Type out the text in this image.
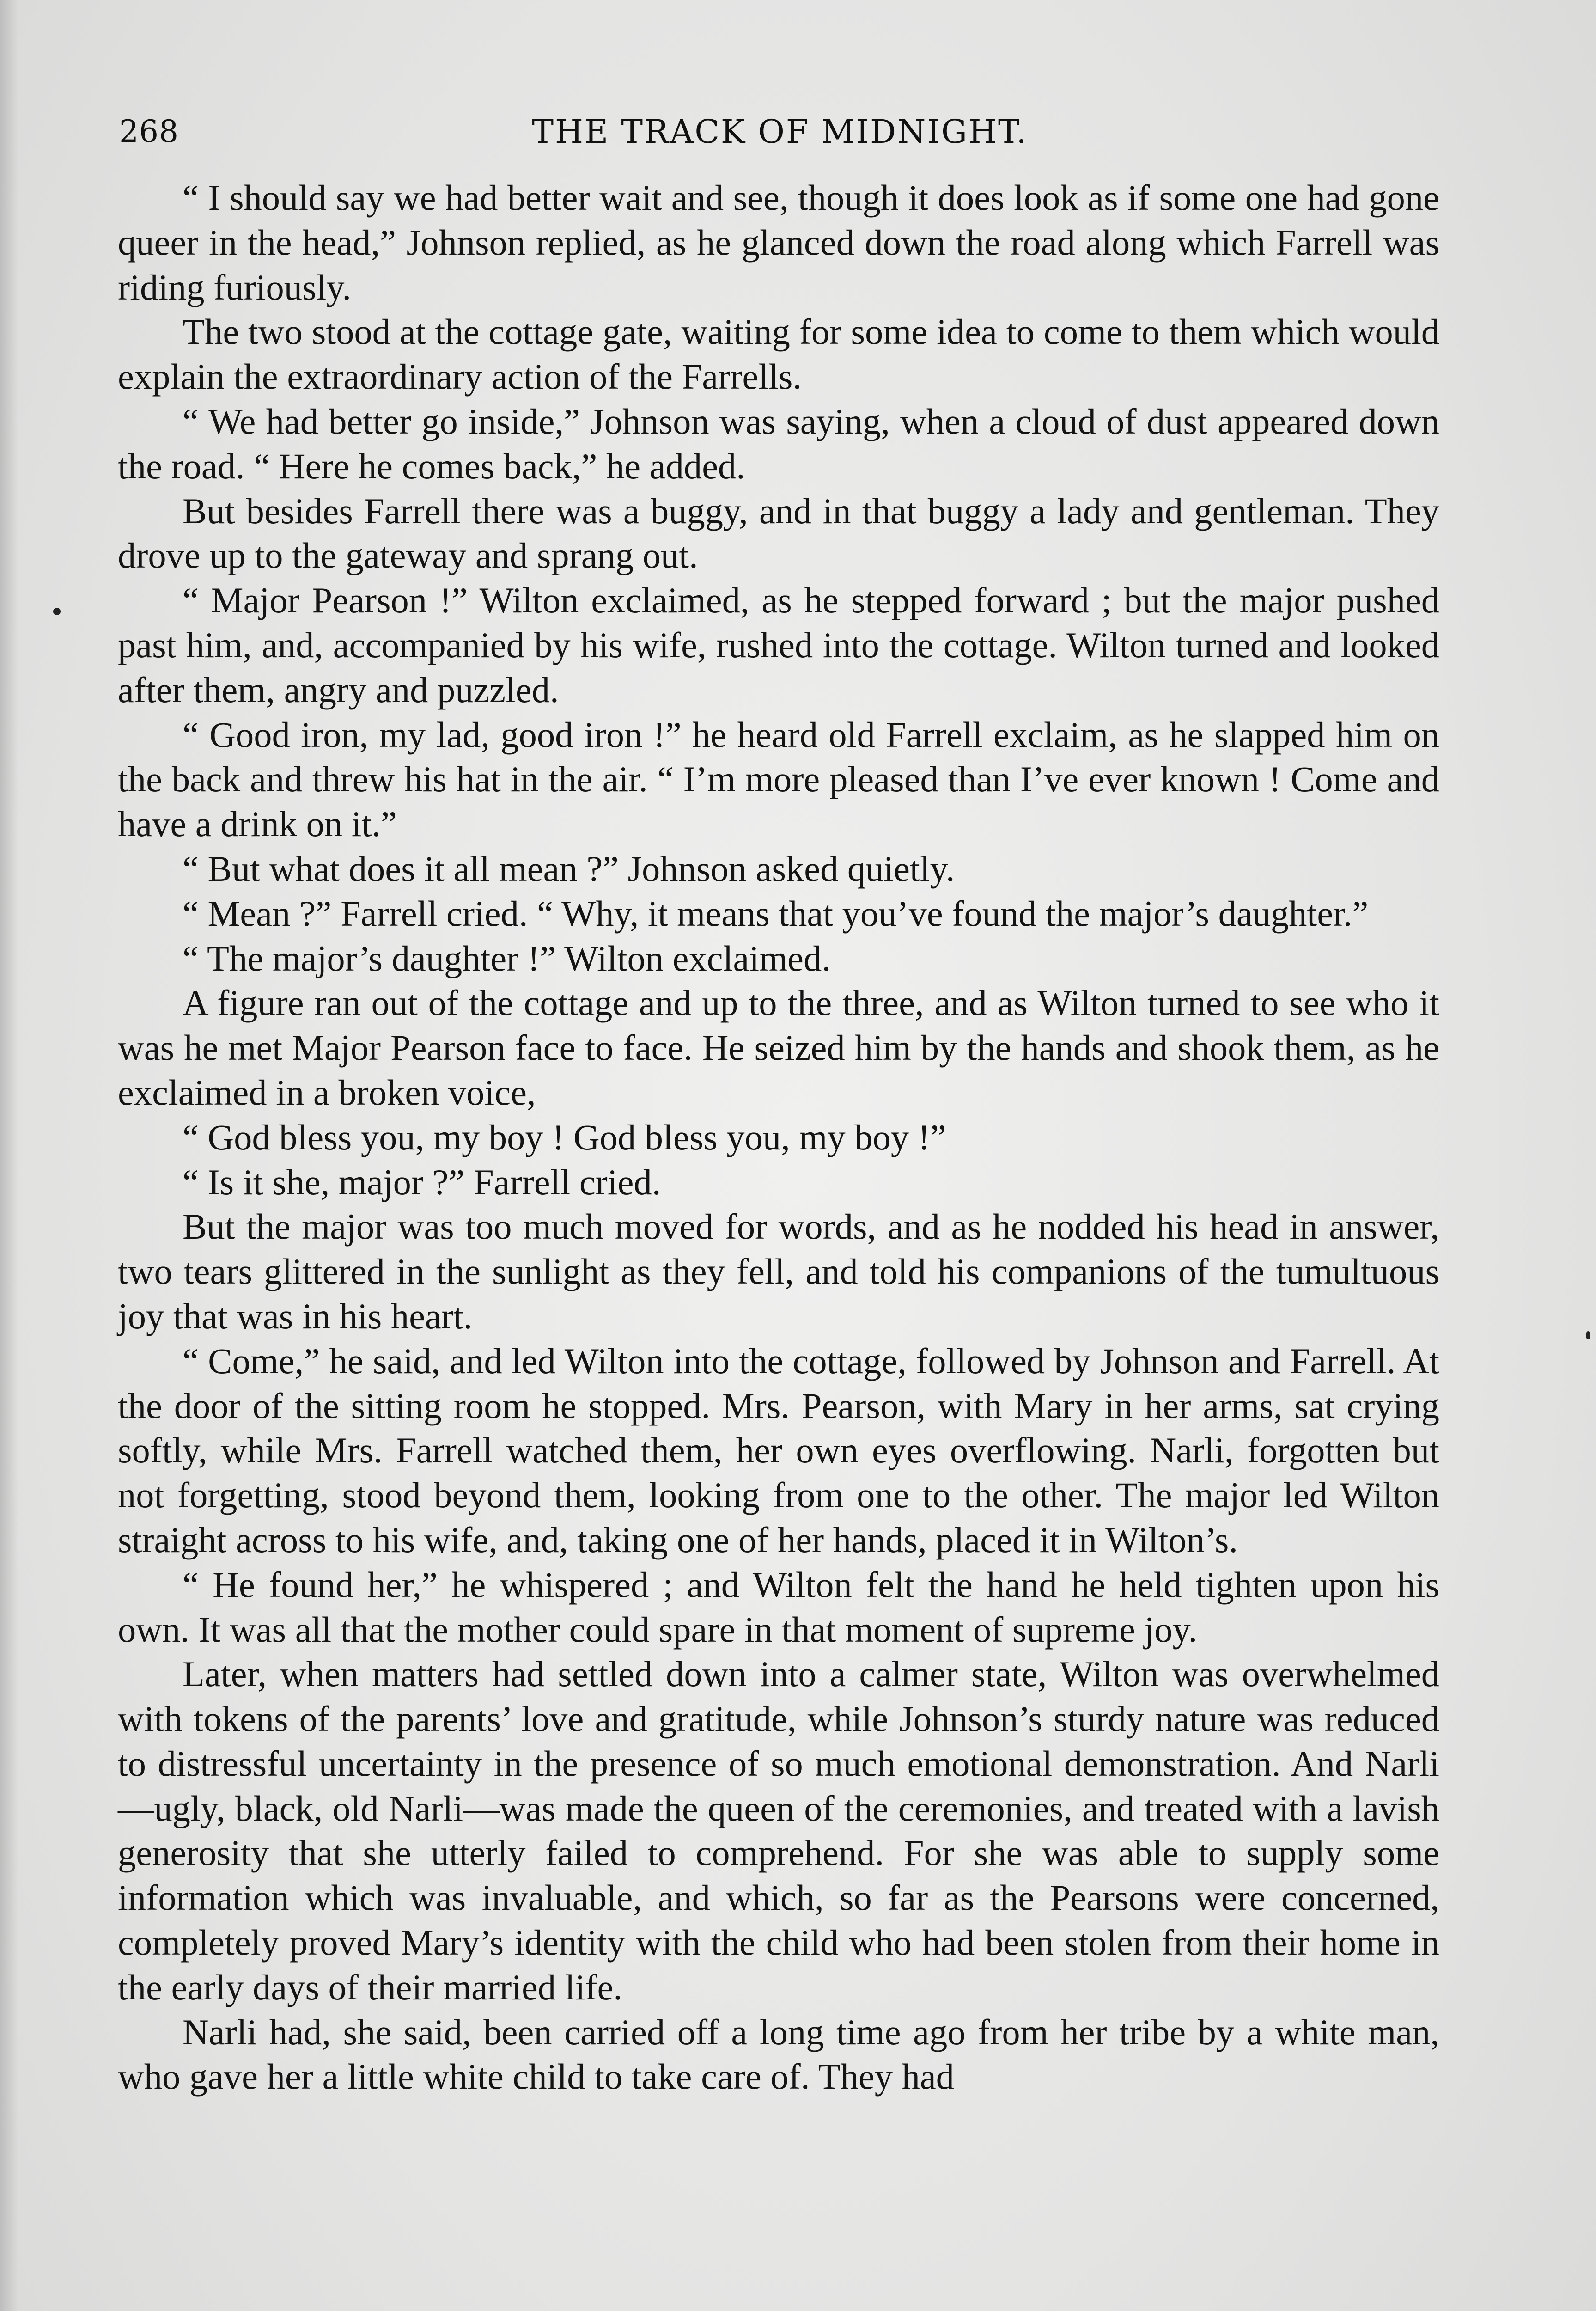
268	THE TRACK OF MIDNIGHT.

“ I should say we had better wait and see, though it does look as if some one had gone queer in the head,” Johnson replied, as he glanced down the road along which Farrell was riding furiously.

The two stood at the cottage gate, waiting for some idea to come to them which would explain the extraordinary action of the Farrells.

“ We had better go inside,” Johnson was saying, when a cloud of dust appeared down the road. “ Here he comes back,” he added.

But besides Farrell there was a buggy, and in that buggy a lady and gentleman. They drove up to the gateway and sprang out.

“ Major Pearson !” Wilton exclaimed, as he stepped forward ; but the major pushed past him, and, accompanied by his wife, rushed into the cottage. Wilton turned and looked after them, angry and puzzled.

“ Good iron, my lad, good iron !” he heard old Farrell exclaim, as he slapped him on the back and threw his hat in the air. “ I’m more pleased than I’ve ever known ! Come and have a drink on it.”

“ But what does it all mean ?” Johnson asked quietly.

“ Mean ?” Farrell cried. “ Why, it means that you’ve found the major’s daughter.”

“ The major’s daughter !” Wilton exclaimed.

A figure ran out of the cottage and up to the three, and as Wilton turned to see who it was he met Major Pearson face to face. He seized him by the hands and shook them, as he exclaimed in a broken voice,

“ God bless you, my boy ! God bless you, my boy !”

“ Is it she, major ?” Farrell cried.

But the major was too much moved for words, and as he nodded his head in answer, two tears glittered in the sunlight as they fell, and told his companions of the tumultuous joy that was in his heart.

“ Come,” he said, and led Wilton into the cottage, followed by Johnson and Farrell. At the door of the sitting room he stopped. Mrs. Pearson, with Mary in her arms, sat crying softly, while Mrs. Farrell watched them, her own eyes overflowing. Narli, forgotten but not forgetting, stood beyond them, looking from one to the other. The major led Wilton straight across to his wife, and, taking one of her hands, placed it in Wilton’s.

“ He found her,” he whispered ; and Wilton felt the hand he held tighten upon his own. It was all that the mother could spare in that moment of supreme joy.

Later, when matters had settled down into a calmer state, Wilton was overwhelmed with tokens of the parents’ love and gratitude, while Johnson’s sturdy nature was reduced to distressful uncertainty in the presence of so much emotional demonstration. And Narli—ugly, black, old Narli—was made the queen of the ceremonies, and treated with a lavish generosity that she utterly failed to comprehend. For she was able to supply some information which was invaluable, and which, so far as the Pearsons were concerned, completely proved Mary’s identity with the child who had been stolen from their home in the early days of their married life.

Narli had, she said, been carried off a long time ago from her tribe by a white man, who gave her a little white child to take care of. They had
